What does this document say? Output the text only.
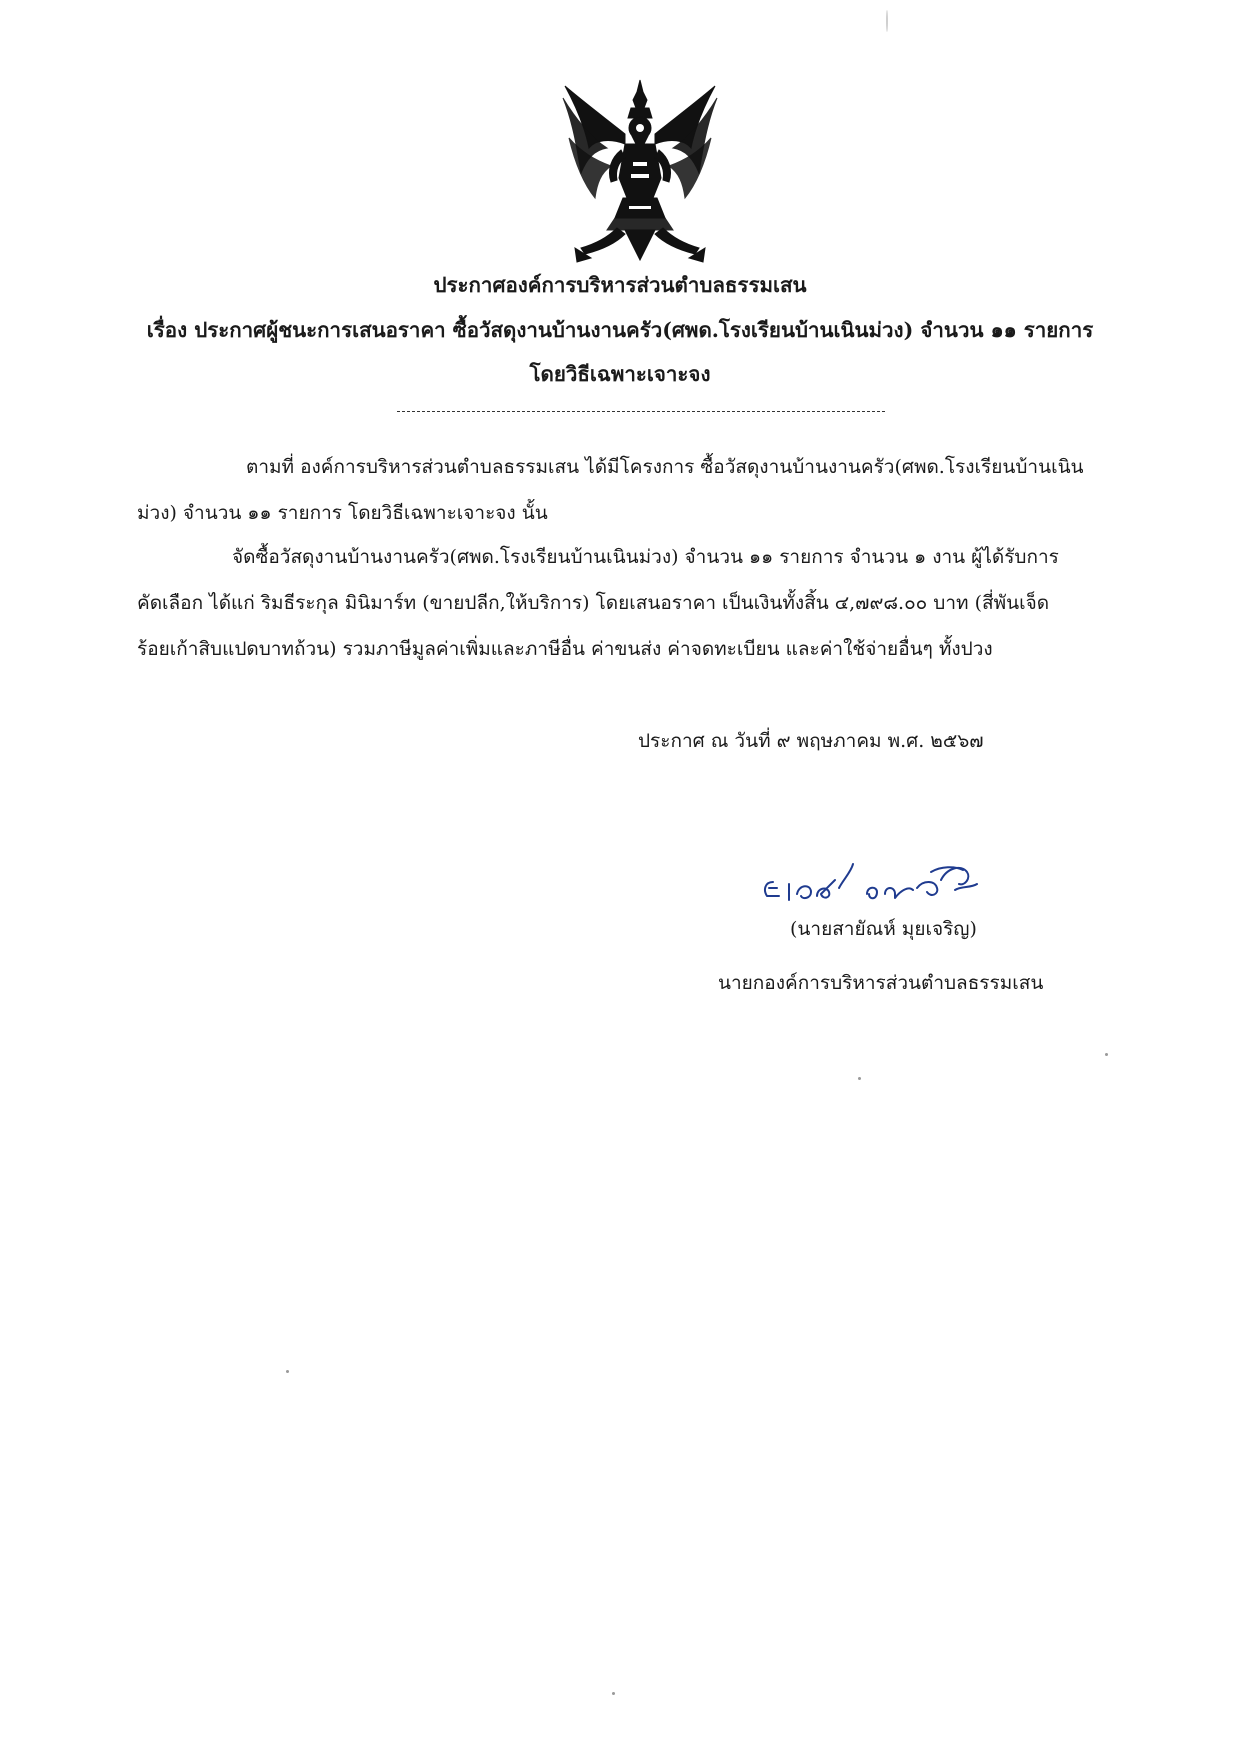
ประกาศองค์การบริหารส่วนตำบลธรรมเสน
เรื่อง ประกาศผู้ชนะการเสนอราคา ซื้อวัสดุงานบ้านงานครัว(ศพด.โรงเรียนบ้านเนินม่วง) จำนวน ๑๑ รายการ
โดยวิธีเฉพาะเจาะจง
ตามที่ องค์การบริหารส่วนตำบลธรรมเสน ได้มีโครงการ ซื้อวัสดุงานบ้านงานครัว(ศพด.โรงเรียนบ้านเนิน
ม่วง) จำนวน ๑๑ รายการ โดยวิธีเฉพาะเจาะจง นั้น
จัดซื้อวัสดุงานบ้านงานครัว(ศพด.โรงเรียนบ้านเนินม่วง) จำนวน ๑๑ รายการ จำนวน ๑ งาน ผู้ได้รับการ
คัดเลือก ได้แก่ ริมธีระกุล มินิมาร์ท (ขายปลีก,ให้บริการ) โดยเสนอราคา เป็นเงินทั้งสิ้น ๔,๗๙๘.๐๐ บาท (สี่พันเจ็ด
ร้อยเก้าสิบแปดบาทถ้วน) รวมภาษีมูลค่าเพิ่มและภาษีอื่น ค่าขนส่ง ค่าจดทะเบียน และค่าใช้จ่ายอื่นๆ ทั้งปวง
ประกาศ ณ วันที่ ๙ พฤษภาคม พ.ศ. ๒๕๖๗
(นายสายัณห์ มุยเจริญ)
นายกองค์การบริหารส่วนตำบลธรรมเสน
